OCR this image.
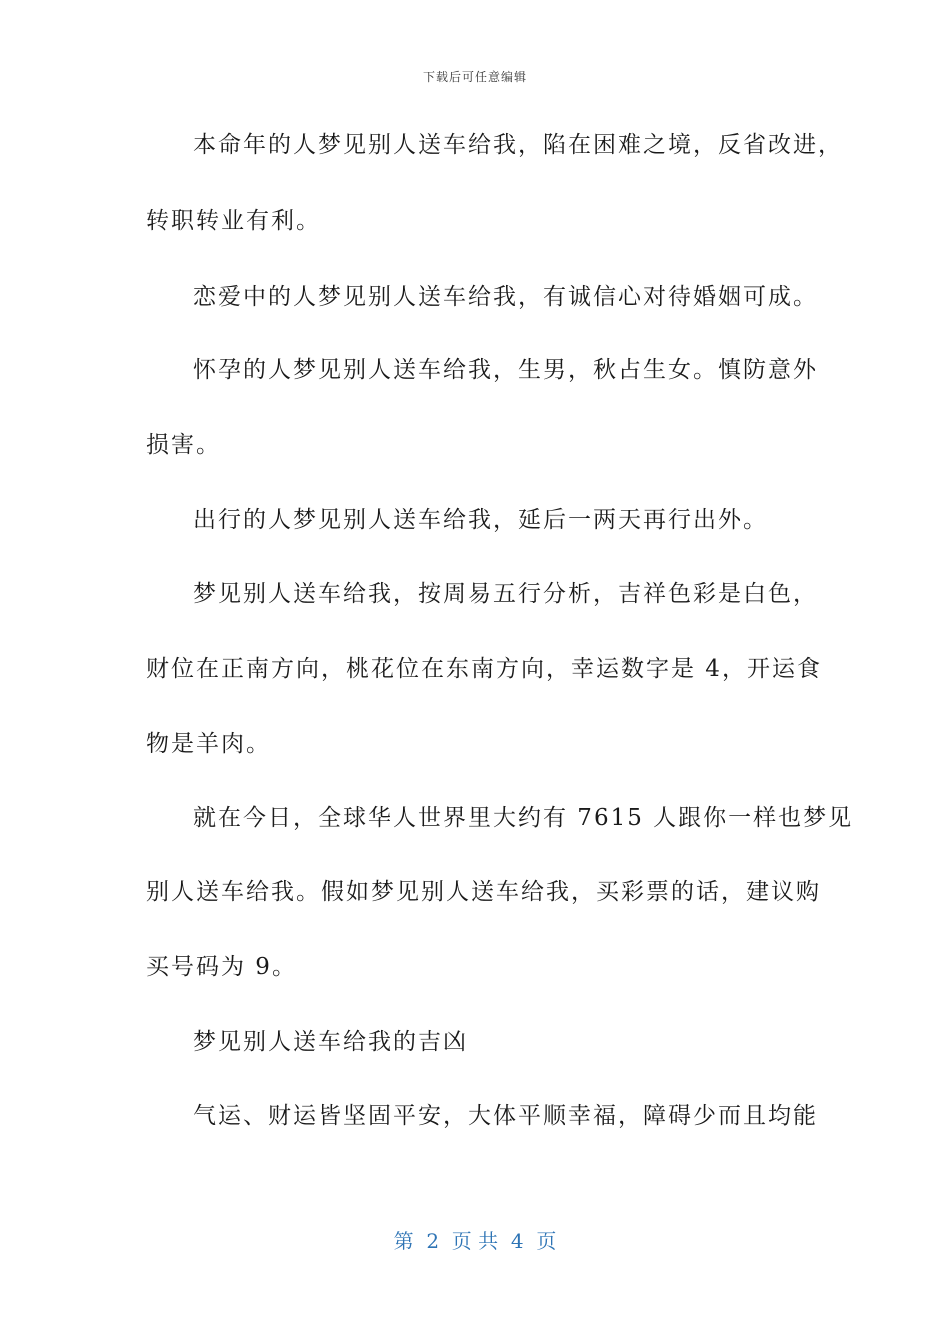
下载后可任意编辑
本命年的人梦见别人送车给我，陷在困难之境，反省改进，
转职转业有利。
恋爱中的人梦见别人送车给我，有诚信心对待婚姻可成。
怀孕的人梦见别人送车给我，生男，秋占生女。慎防意外
损害。
出行的人梦见别人送车给我，延后一两天再行出外。
梦见别人送车给我，按周易五行分析，吉祥色彩是白色，
财位在正南方向，桃花位在东南方向，幸运数字是 4，开运食
物是羊肉。
就在今日，全球华人世界里大约有 7615 人跟你一样也梦见
别人送车给我。假如梦见别人送车给我，买彩票的话，建议购
买号码为 9。
梦见别人送车给我的吉凶
气运、财运皆坚固平安，大体平顺幸福，障碍少而且均能
第  2  页 共  4  页
